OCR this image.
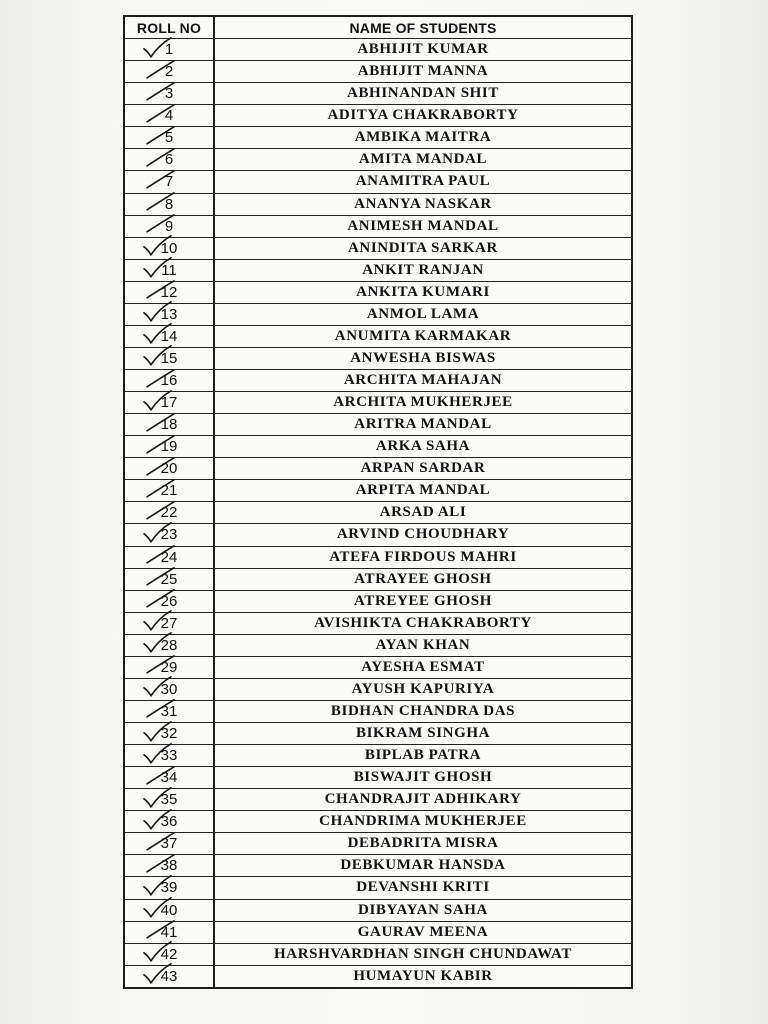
ROLL NO	NAME OF STUDENTS
1	ABHIJIT KUMAR
2	ABHIJIT MANNA
3	ABHINANDAN SHIT
4	ADITYA CHAKRABORTY
5	AMBIKA MAITRA
6	AMITA MANDAL
7	ANAMITRA PAUL
8	ANANYA NASKAR
9	ANIMESH MANDAL
10	ANINDITA SARKAR
11	ANKIT RANJAN
12	ANKITA KUMARI
13	ANMOL LAMA
14	ANUMITA KARMAKAR
15	ANWESHA BISWAS
16	ARCHITA MAHAJAN
17	ARCHITA MUKHERJEE
18	ARITRA MANDAL
19	ARKA SAHA
20	ARPAN SARDAR
21	ARPITA MANDAL
22	ARSAD ALI
23	ARVIND CHOUDHARY
24	ATEFA FIRDOUS MAHRI
25	ATRAYEE GHOSH
26	ATREYEE GHOSH
27	AVISHIKTA CHAKRABORTY
28	AYAN KHAN
29	AYESHA ESMAT
30	AYUSH KAPURIYA
31	BIDHAN CHANDRA DAS
32	BIKRAM SINGHA
33	BIPLAB PATRA
34	BISWAJIT GHOSH
35	CHANDRAJIT ADHIKARY
36	CHANDRIMA MUKHERJEE
37	DEBADRITA MISRA
38	DEBKUMAR HANSDA
39	DEVANSHI KRITI
40	DIBYAYAN SAHA
41	GAURAV MEENA
42	HARSHVARDHAN SINGH CHUNDAWAT
43	HUMAYUN KABIR
